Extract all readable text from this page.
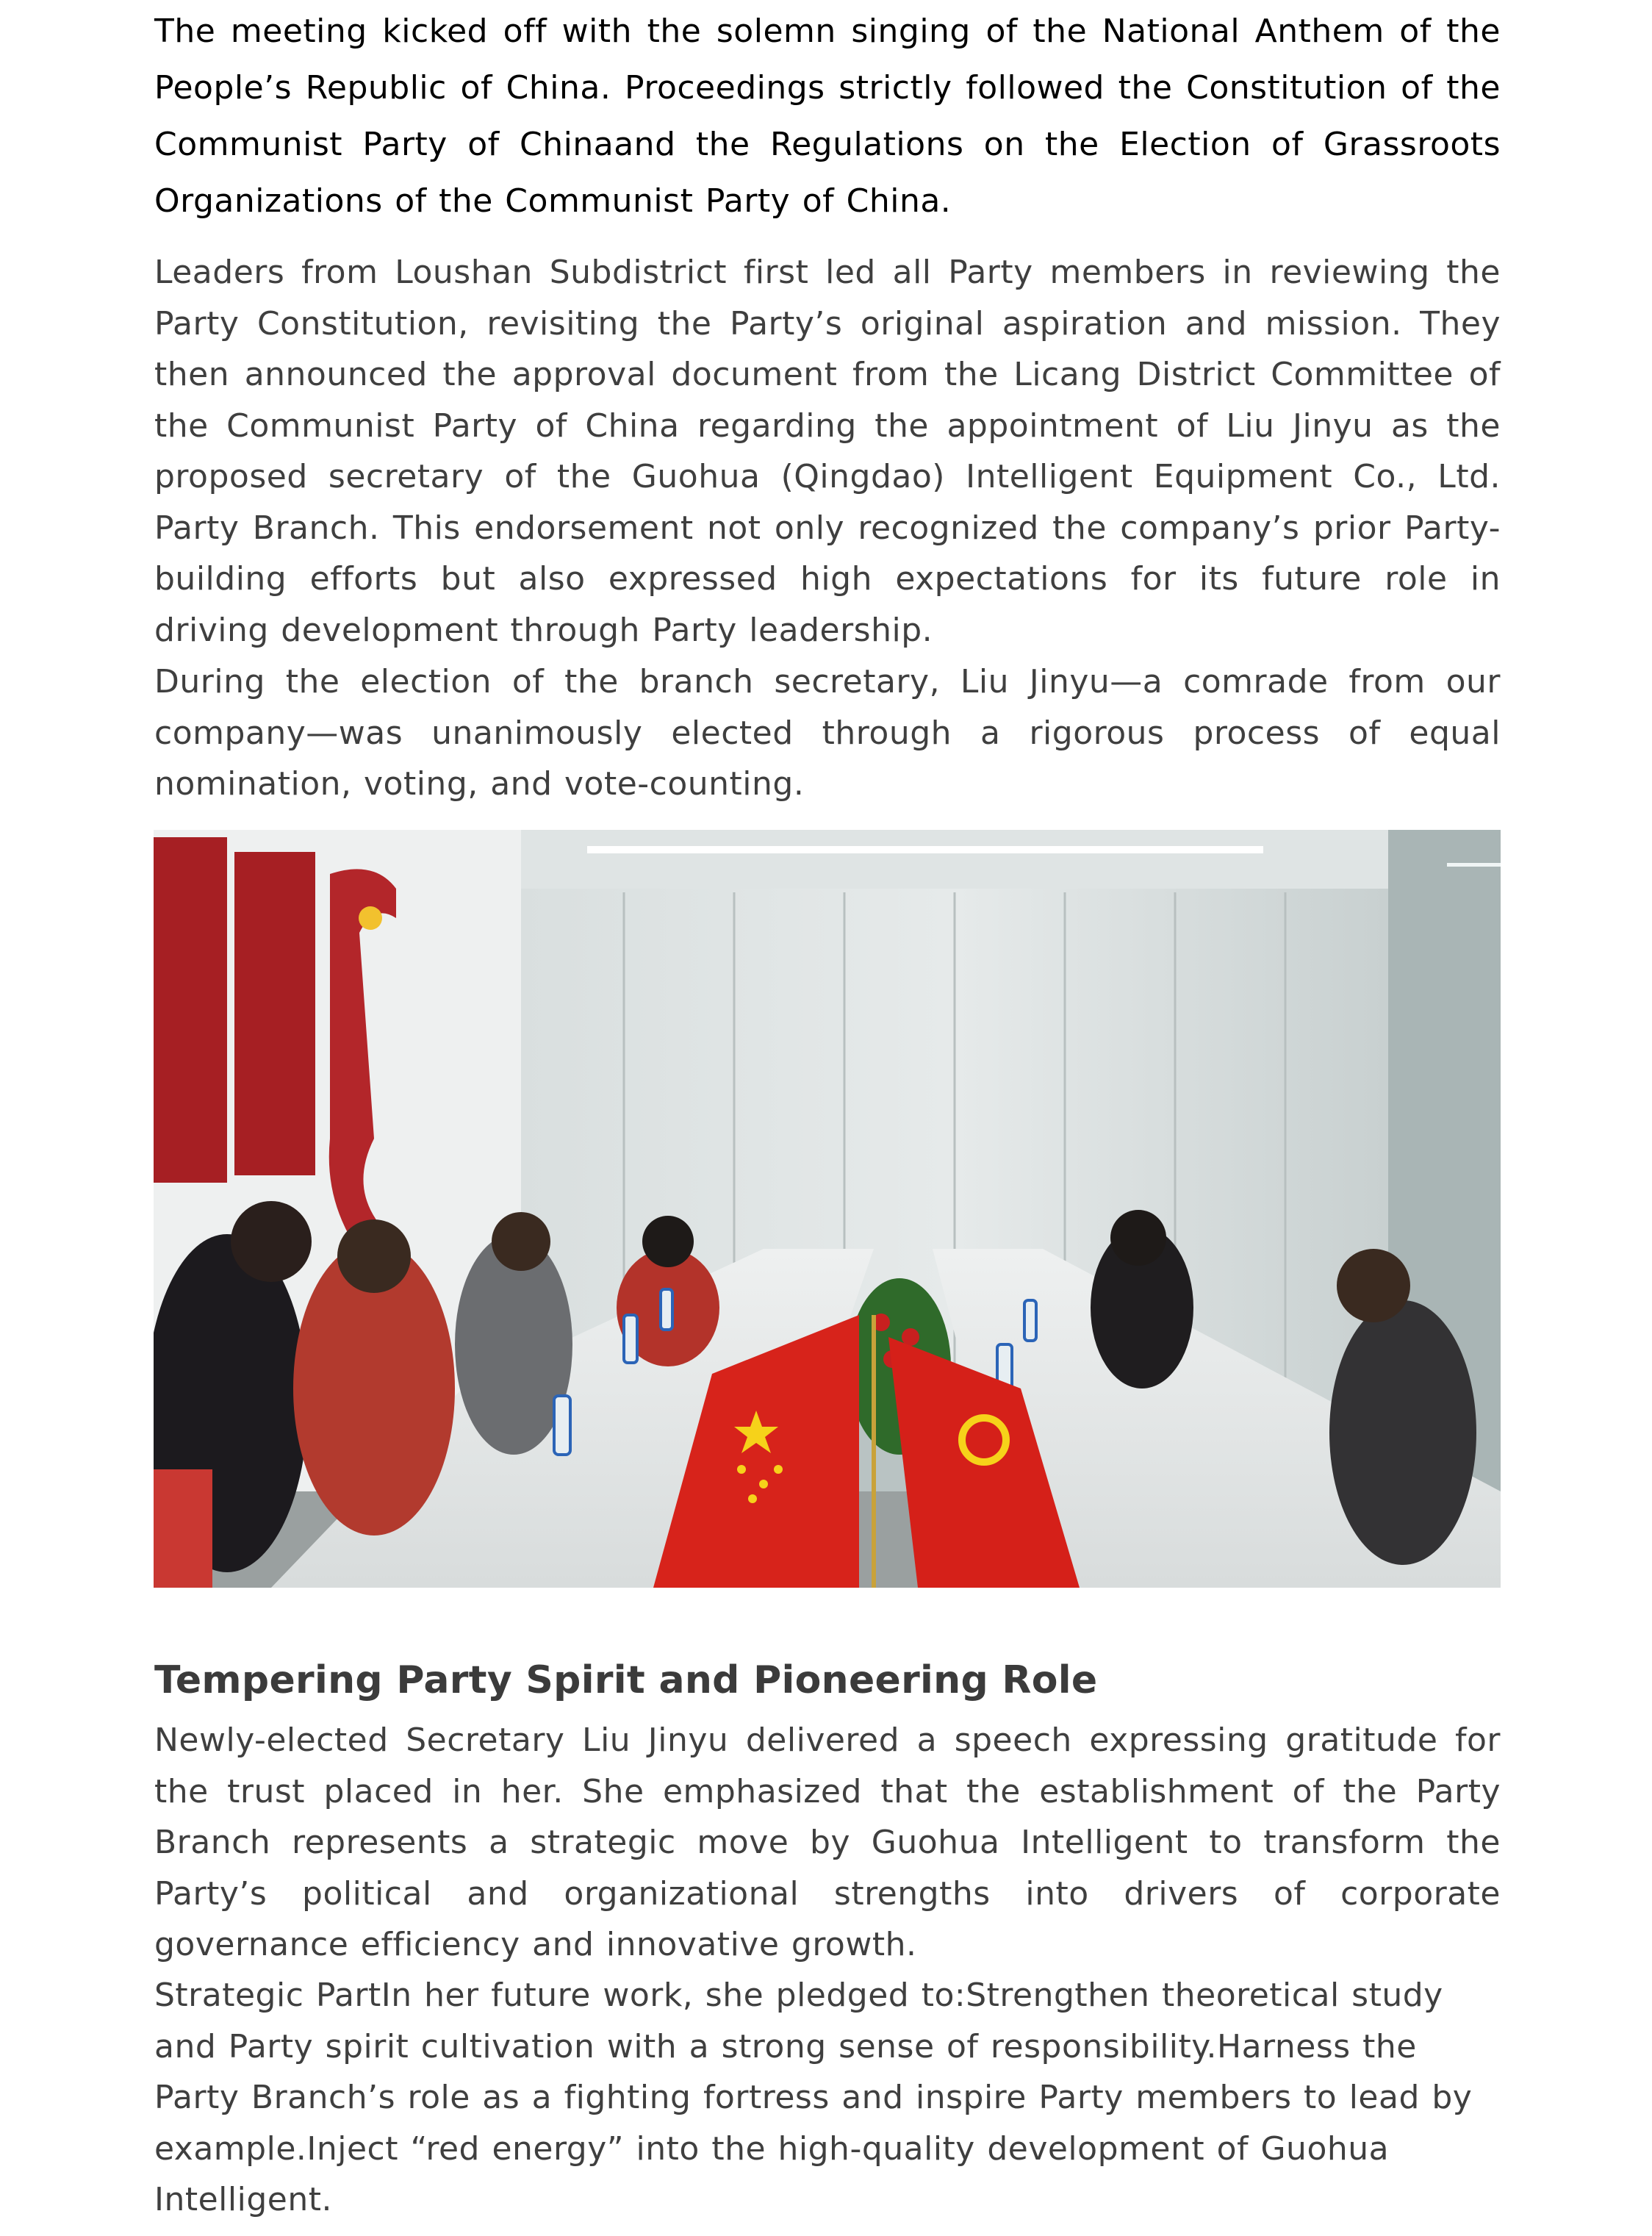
The meeting kicked off with the solemn singing of the National Anthem of the People’s Republic of China. Proceedings strictly followed the Constitution of the Communist Party of Chinaand the Regulations on the Election of Grassroots Organizations of the Communist Party of China.

Leaders from Loushan Subdistrict first led all Party members in reviewing the Party Constitution, revisiting the Party’s original aspiration and mission. They then announced the approval document from the Licang District Committee of the Communist Party of China regarding the appointment of Liu Jinyu as the proposed secretary of the Guohua (Qingdao) Intelligent Equipment Co., Ltd. Party Branch. This endorsement not only recognized the company’s prior Party-building efforts but also expressed high expectations for its future role in driving development through Party leadership.

During the election of the branch secretary, Liu Jinyu—a comrade from our company—was unanimously elected through a rigorous process of equal nomination, voting, and vote-counting.

Tempering Party Spirit and Pioneering Role

Newly-elected Secretary Liu Jinyu delivered a speech expressing gratitude for the trust placed in her. She emphasized that the establishment of the Party Branch represents a strategic move by Guohua Intelligent to transform the Party’s political and organizational strengths into drivers of corporate governance efficiency and innovative growth.

Strategic PartIn her future work, she pledged to:Strengthen theoretical study and Party spirit cultivation with a strong sense of responsibility.Harness the Party Branch’s role as a fighting fortress and inspire Party members to lead by example.Inject “red energy” into the high-quality development of Guohua Intelligent.
